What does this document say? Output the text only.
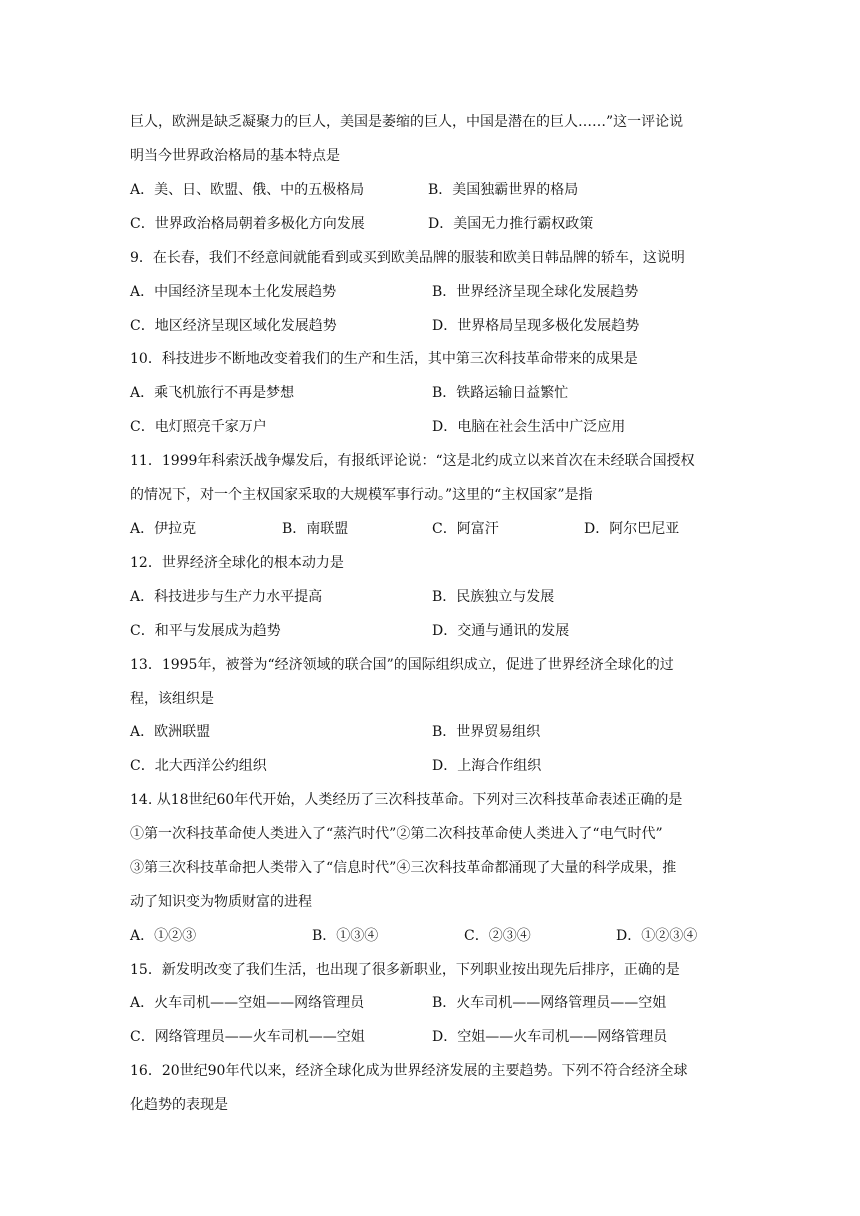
巨人，欧洲是缺乏凝聚力的巨人，美国是萎缩的巨人，中国是潜在的巨人……”这一评论说
明当今世界政治格局的基本特点是
A．美、日、欧盟、俄、中的五极格局	B．美国独霸世界的格局
C．世界政治格局朝着多极化方向发展	D．美国无力推行霸权政策
9．在长春，我们不经意间就能看到或买到欧美品牌的服装和欧美日韩品牌的轿车，这说明
A．中国经济呈现本土化发展趋势	B．世界经济呈现全球化发展趋势
C．地区经济呈现区域化发展趋势	D．世界格局呈现多极化发展趋势
10．科技进步不断地改变着我们的生产和生活，其中第三次科技革命带来的成果是
A．乘飞机旅行不再是梦想	B．铁路运输日益繁忙
C．电灯照亮千家万户	D．电脑在社会生活中广泛应用
11．1999年科索沃战争爆发后，有报纸评论说：“这是北约成立以来首次在未经联合国授权
的情况下，对一个主权国家采取的大规模军事行动。”这里的“主权国家”是指
A．伊拉克	B．南联盟	C．阿富汗	D．阿尔巴尼亚
12．世界经济全球化的根本动力是
A．科技进步与生产力水平提高	B．民族独立与发展
C．和平与发展成为趋势	D．交通与通讯的发展
13．1995年，被誉为“经济领域的联合国”的国际组织成立，促进了世界经济全球化的过
程，该组织是
A．欧洲联盟	B．世界贸易组织
C．北大西洋公约组织	D．上海合作组织
14. 从18世纪60年代开始，人类经历了三次科技革命。下列对三次科技革命表述正确的是
①第一次科技革命使人类进入了“蒸汽时代”②第二次科技革命使人类进入了“电气时代”
③第三次科技革命把人类带入了“信息时代”④三次科技革命都涌现了大量的科学成果，推
动了知识变为物质财富的进程
A．①②③	B．①③④	C．②③④	D．①②③④
15．新发明改变了我们生活，也出现了很多新职业，下列职业按出现先后排序，正确的是
A．火车司机——空姐——网络管理员	B．火车司机——网络管理员——空姐
C．网络管理员——火车司机——空姐	D．空姐——火车司机——网络管理员
16．20世纪90年代以来，经济全球化成为世界经济发展的主要趋势。下列不符合经济全球
化趋势的表现是
